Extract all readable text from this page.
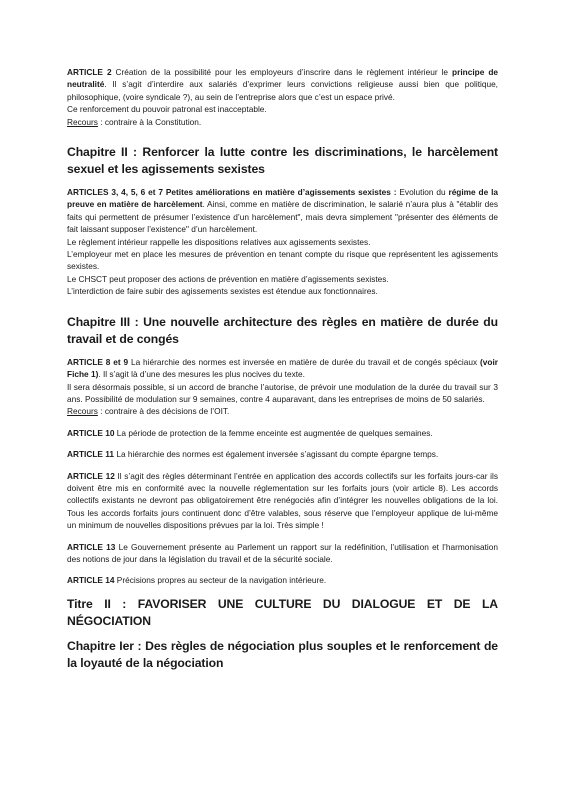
ARTICLE 2 Création de la possibilité pour les employeurs d’inscrire dans le règlement intérieur le principe de neutralité. Il s’agit d’interdire aux salariés d’exprimer leurs convictions religieuse aussi bien que politique, philosophique, (voire syndicale ?), au sein de l’entreprise alors que c’est un espace privé.

Ce renforcement du pouvoir patronal est inacceptable.

Recours : contraire à la Constitution.

Chapitre II : Renforcer la lutte contre les discriminations, le harcèlement sexuel et les agissements sexistes

ARTICLES 3, 4, 5, 6 et 7 Petites améliorations en matière d’agissements sexistes : Evolution du régime de la preuve en matière de harcèlement. Ainsi, comme en matière de discrimination, le salarié n’aura plus à "établir des faits qui permettent de présumer l’existence d’un harcèlement", mais devra simplement "présenter des éléments de fait laissant supposer l’existence" d’un harcèlement.

Le règlement intérieur rappelle les dispositions relatives aux agissements sexistes.

L’employeur met en place les mesures de prévention en tenant compte du risque que représentent les agissements sexistes.

Le CHSCT peut proposer des actions de prévention en matière d’agissements sexistes.

L’interdiction de faire subir des agissements sexistes est étendue aux fonctionnaires.

Chapitre III : Une nouvelle architecture des règles en matière de durée du travail et de congés

ARTICLE 8 et 9 La hiérarchie des normes est inversée en matière de durée du travail et de congés spéciaux (voir Fiche 1). Il s’agit là d’une des mesures les plus nocives du texte.

Il sera désormais possible, si un accord de branche l’autorise, de prévoir une modulation de la durée du travail sur 3 ans. Possibilité de modulation sur 9 semaines, contre 4 auparavant, dans les entreprises de moins de 50 salariés.

Recours : contraire à des décisions de l’OIT.

ARTICLE 10 La période de protection de la femme enceinte est augmentée de quelques semaines.

ARTICLE 11 La hiérarchie des normes est également inversée s’agissant du compte épargne temps.

ARTICLE 12 Il s’agit des règles déterminant l’entrée en application des accords collectifs sur les forfaits jours-car ils doivent être mis en conformité avec la nouvelle réglementation sur les forfaits jours (voir article 8). Les accords collectifs existants ne devront pas obligatoirement être renégociés afin d’intégrer les nouvelles obligations de la loi. Tous les accords forfaits jours continuent donc d’être valables, sous réserve que l’employeur applique de lui-même un minimum de nouvelles dispositions prévues par la loi. Très simple !

ARTICLE 13 Le Gouvernement présente au Parlement un rapport sur la redéfinition, l’utilisation et l’harmonisation des notions de jour dans la législation du travail et de la sécurité sociale.

ARTICLE 14 Précisions propres au secteur de la navigation intérieure.

Titre II : FAVORISER UNE CULTURE DU DIALOGUE ET DE LA NÉGOCIATION
Chapitre Ier : Des règles de négociation plus souples et le renforcement de la loyauté de la négociation
